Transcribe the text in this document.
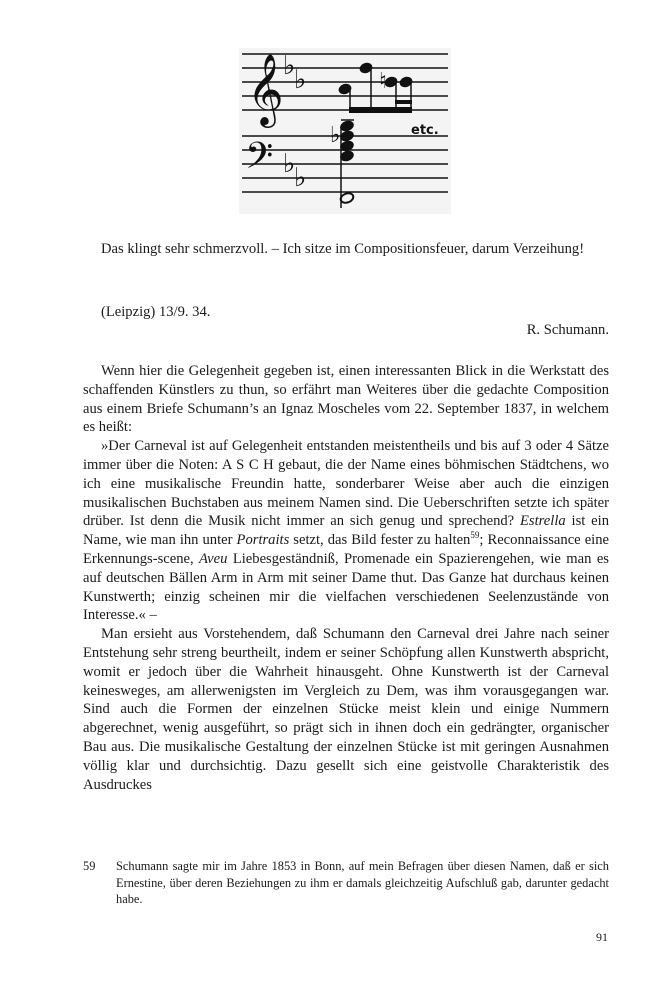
𝄞 ♭
♭	♮
etc.
𝄢 ♭
♭
♭

Das klingt sehr schmerzvoll. – Ich sitze im Compositionsfeuer, darum Verzeihung!

(Leipzig) 13/9. 34.

R. Schumann.

Wenn hier die Gelegenheit gegeben ist, einen interessanten Blick in die Werkstatt des schaffenden Künstlers zu thun, so erfährt man Weiteres über die gedachte Composition aus einem Briefe Schumann’s an Ignaz Moscheles vom 22. September 1837, in welchem es heißt:

»Der Carneval ist auf Gelegenheit entstanden meistentheils und bis auf 3 oder 4 Sätze immer über die Noten: A S C H gebaut, die der Name eines böhmischen Städtchens, wo ich eine musikalische Freundin hatte, sonderbarer Weise aber auch die einzigen musikalischen Buchstaben aus meinem Namen sind. Die Ueberschriften setzte ich später drüber. Ist denn die Musik nicht immer an sich genug und sprechend? Estrella ist ein Name, wie man ihn unter Portraits setzt, das Bild fester zu halten$^{59}$; Reconnaissance eine Erkennungs-scene, Aveu Liebesgeständniß, Promenade ein Spazierengehen, wie man es auf deutschen Bällen Arm in Arm mit seiner Dame thut. Das Ganze hat durchaus keinen Kunstwerth; einzig scheinen mir die vielfachen verschiedenen Seelenzustände von Interesse.« –

Man ersieht aus Vorstehendem, daß Schumann den Carneval drei Jahre nach seiner Entstehung sehr streng beurtheilt, indem er seiner Schöpfung allen Kunstwerth abspricht, womit er jedoch über die Wahrheit hinausgeht. Ohne Kunstwerth ist der Carneval keinesweges, am allerwenigsten im Vergleich zu Dem, was ihm vorausgegangen war. Sind auch die Formen der einzelnen Stücke meist klein und einige Nummern abgerechnet, wenig ausgeführt, so prägt sich in ihnen doch ein gedrängter, organischer Bau aus. Die musikalische Gestaltung der einzelnen Stücke ist mit geringen Ausnahmen völlig klar und durchsichtig. Dazu gesellt sich eine geistvolle Charakteristik des Ausdruckes

59 Schumann sagte mir im Jahre 1853 in Bonn, auf mein Befragen über diesen Namen, daß er sich Ernestine, über deren Beziehungen zu ihm er damals gleichzeitig Aufschluß gab, darunter gedacht habe.
91
